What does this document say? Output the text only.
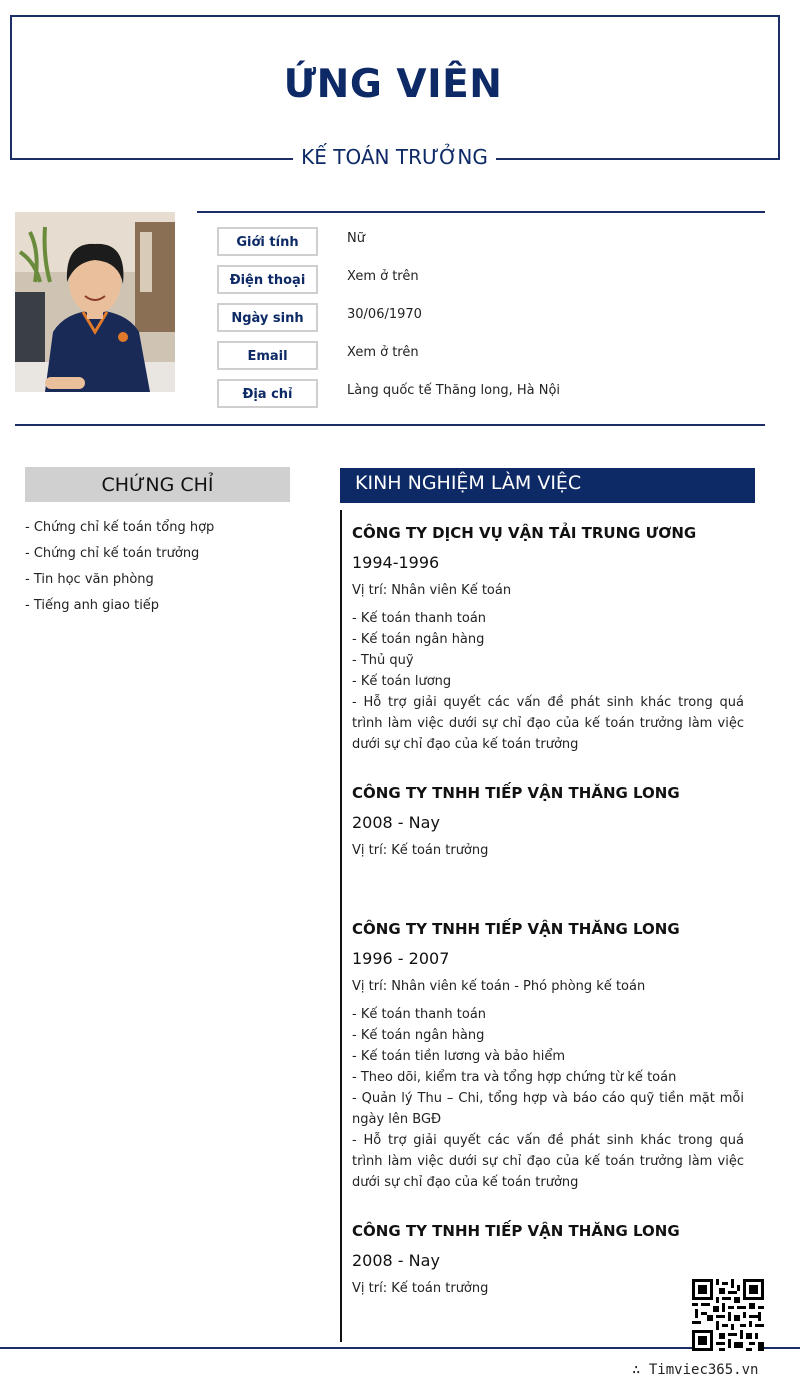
ỨNG VIÊN
KẾ TOÁN TRƯỞNG
Giới tính	Nữ
Điện thoại	Xem ở trên
Ngày sinh	30/06/1970
Email	Xem ở trên
Địa chỉ	Làng quốc tế Thăng long, Hà Nội
CHỨNG CHỈ
- Chứng chỉ kế toán tổng hợp
- Chứng chỉ kế toán trưởng
- Tin học văn phòng
- Tiếng anh giao tiếp
KINH NGHIỆM LÀM VIỆC
CÔNG TY DỊCH VỤ VẬN TẢI TRUNG ƯƠNG
1994-1996
Vị trí: Nhân viên Kế toán
- Kế toán thanh toán
- Kế toán ngân hàng
- Thủ quỹ
- Kế toán lương
- Hỗ trợ giải quyết các vấn đề phát sinh khác trong quá trình làm việc dưới sự chỉ đạo của kế toán trưởng làm việc dưới sự chỉ đạo của kế toán trưởng
CÔNG TY TNHH TIẾP VẬN THĂNG LONG
2008 - Nay
Vị trí: Kế toán trưởng
CÔNG TY TNHH TIẾP VẬN THĂNG LONG
1996 - 2007
Vị trí: Nhân viên kế toán - Phó phòng kế toán
- Kế toán thanh toán
- Kế toán ngân hàng
- Kế toán tiền lương và bảo hiểm
- Theo dõi, kiểm tra và tổng hợp chứng từ kế toán
- Quản lý Thu – Chi, tổng hợp và báo cáo quỹ tiền mặt mỗi ngày lên BGĐ
- Hỗ trợ giải quyết các vấn đề phát sinh khác trong quá trình làm việc dưới sự chỉ đạo của kế toán trưởng làm việc dưới sự chỉ đạo của kế toán trưởng
CÔNG TY TNHH TIẾP VẬN THĂNG LONG
2008 - Nay
Vị trí: Kế toán trưởng
∴ Timviec365.vn
